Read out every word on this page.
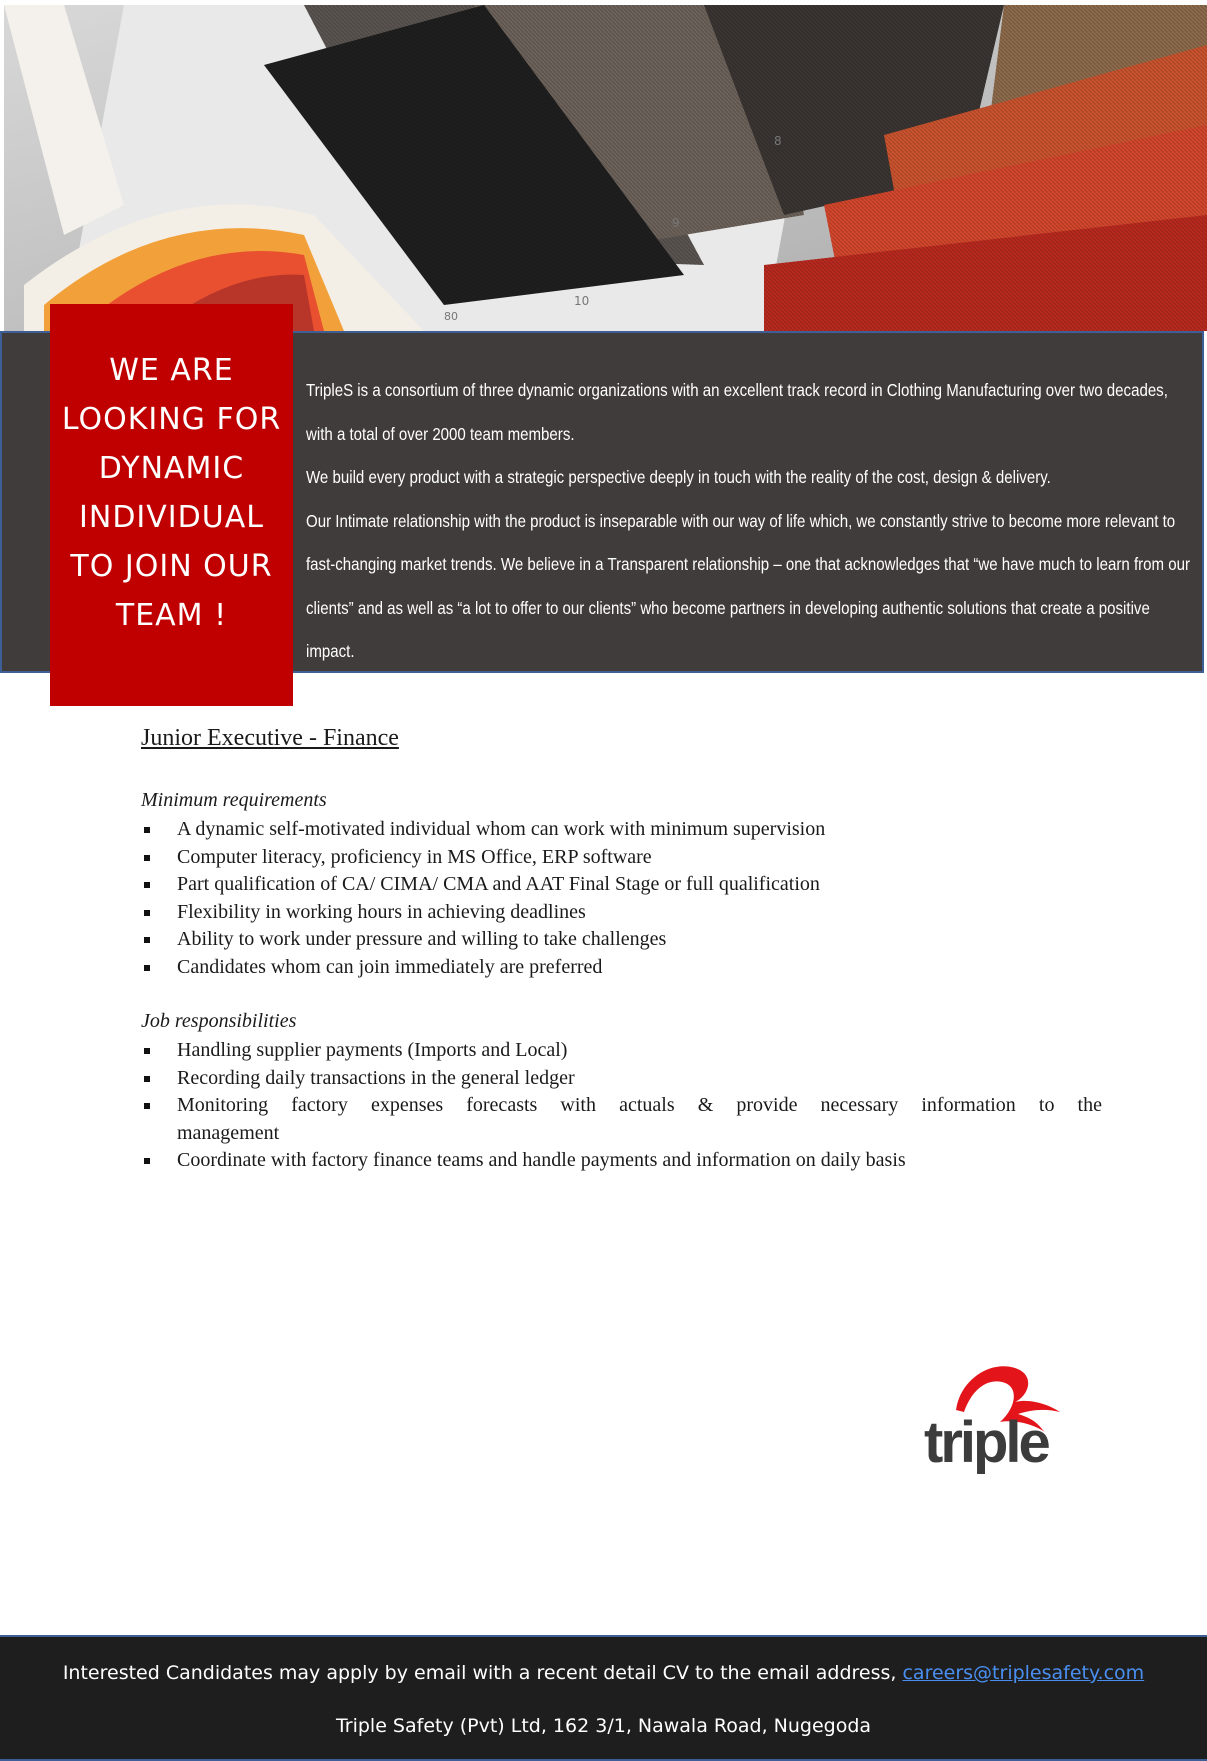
10
9
8
80

TripleS is a consortium of three dynamic organizations with an excellent track record in Clothing Manufacturing over two decades, with a total of over 2000 team members.

We build every product with a strategic perspective deeply in touch with the reality of the cost, design & delivery.

Our Intimate relationship with the product is inseparable with our way of life which, we constantly strive to become more relevant to fast-changing market trends. We believe in a Transparent relationship – one that acknowledges that “we have much to learn from our clients” and as well as “a lot to offer to our clients” who become partners in developing authentic solutions that create a positive impact.

WE ARE
LOOKING FOR
DYNAMIC
INDIVIDUAL
TO JOIN OUR
TEAM !
Junior Executive - Finance
Minimum requirements
A dynamic self-motivated individual whom can work with minimum supervision
Computer literacy, proficiency in MS Office, ERP software
Part qualification of CA/ CIMA/ CMA and AAT Final Stage or full qualification
Flexibility in working hours in achieving deadlines
Ability to work under pressure and willing to take challenges
Candidates whom can join immediately are preferred
Job responsibilities
Handling supplier payments (Imports and Local)
Recording daily transactions in the general ledger
Monitoring factory expenses forecasts with actuals & provide necessary information to the
management
Coordinate with factory finance teams and handle payments and information on daily basis
triple
Interested Candidates may apply by email with a recent detail CV to the email address, careers@triplesafety.com
Triple Safety (Pvt) Ltd, 162 3/1, Nawala Road, Nugegoda
